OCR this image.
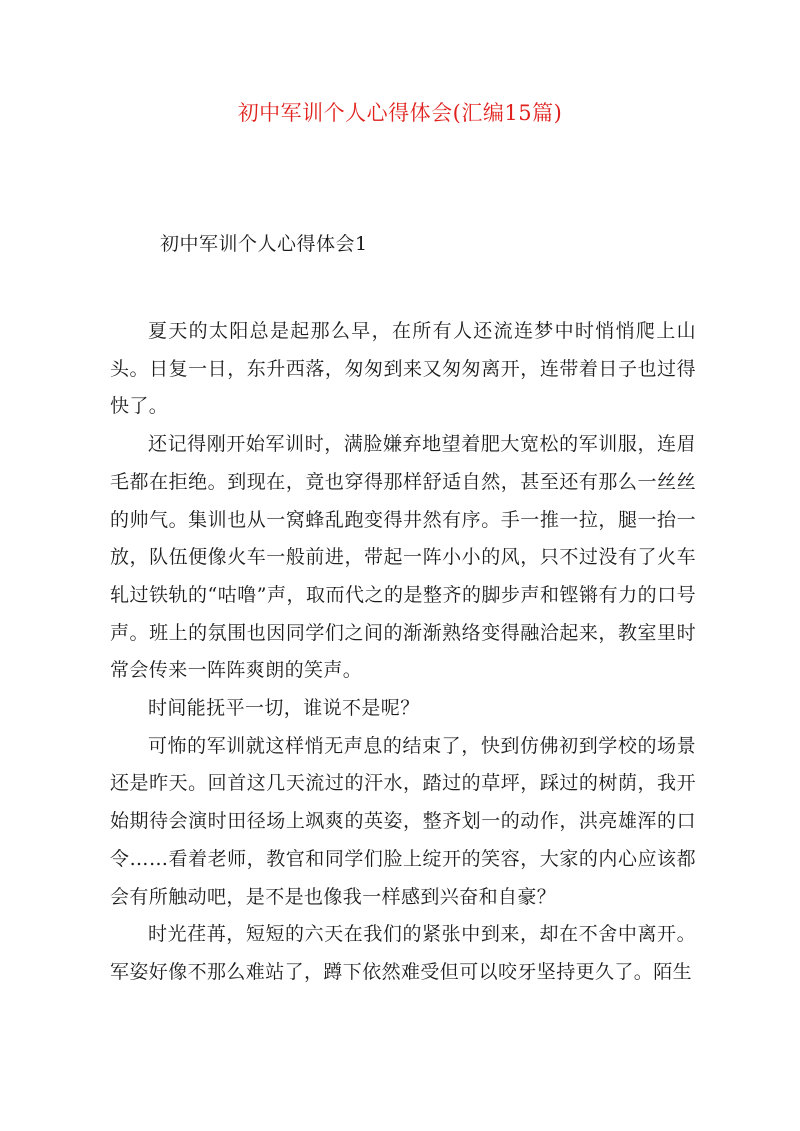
初中军训个人心得体会(汇编15篇)
初中军训个人心得体会1

夏天的太阳总是起那么早，在所有人还流连梦中时悄悄爬上山头。日复一日，东升西落，匆匆到来又匆匆离开，连带着日子也过得快了。

还记得刚开始军训时，满脸嫌弃地望着肥大宽松的军训服，连眉毛都在拒绝。到现在，竟也穿得那样舒适自然，甚至还有那么一丝丝的帅气。集训也从一窝蜂乱跑变得井然有序。手一推一拉，腿一抬一放，队伍便像火车一般前进，带起一阵小小的风，只不过没有了火车轧过铁轨的“咕噜”声，取而代之的是整齐的脚步声和铿锵有力的口号声。班上的氛围也因同学们之间的渐渐熟络变得融洽起来，教室里时常会传来一阵阵爽朗的笑声。

时间能抚平一切，谁说不是呢？

可怖的军训就这样悄无声息的结束了，快到仿佛初到学校的场景还是昨天。回首这几天流过的汗水，踏过的草坪，踩过的树荫，我开始期待会演时田径场上飒爽的英姿，整齐划一的动作，洪亮雄浑的口令……看着老师，教官和同学们脸上绽开的笑容，大家的内心应该都会有所触动吧，是不是也像我一样感到兴奋和自豪？

时光荏苒，短短的六天在我们的紧张中到来，却在不舍中离开。军姿好像不那么难站了，蹲下依然难受但可以咬牙坚持更久了。陌生
